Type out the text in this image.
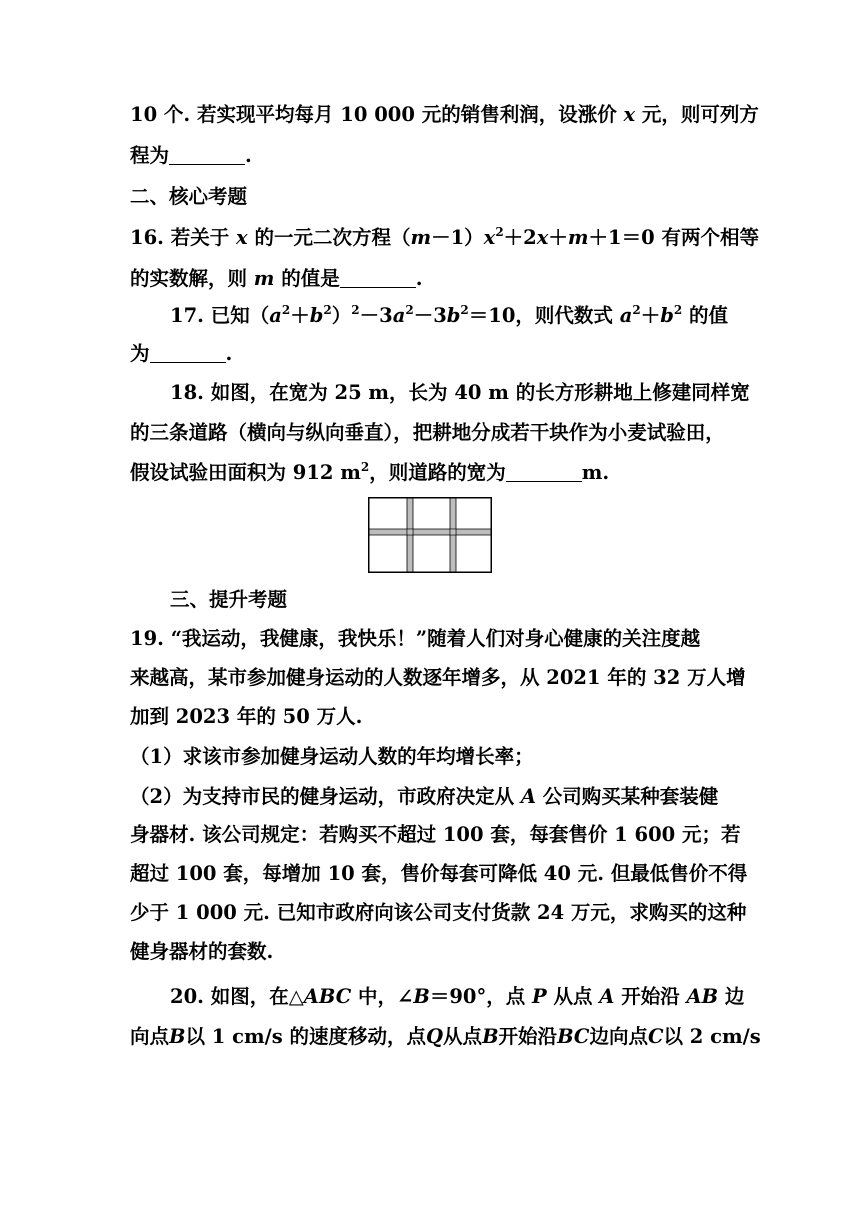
10 个. 若实现平均每月 10 000 元的销售利润，设涨价 x 元，则可列方
程为	.
二、核心考题
16. 若关于 x 的一元二次方程$(m-1)x^2+2x+m+1=0$ 有两个相等
的实数解，则 m 的值是	.
17. 已知$(a^2+b^2)^2-3a^2-3b^2=10$，则代数式 $a^2+b^2$ 的值
为	.
18. 如图，在宽为 25 m，长为 40 m 的长方形耕地上修建同样宽
的三条道路（横向与纵向垂直），把耕地分成若干块作为小麦试验田，
假设试验田面积为 912 $m^2$，则道路的宽为	m.
三、提升考题
19. “我运动，我健康，我快乐！”随着人们对身心健康的关注度越
来越高，某市参加健身运动的人数逐年增多，从 2021 年的 32 万人增
加到 2023 年的 50 万人.
（1）求该市参加健身运动人数的年均增长率；
（2）为支持市民的健身运动，市政府决定从 A 公司购买某种套装健
身器材. 该公司规定：若购买不超过 100 套，每套售价 1 600 元；若
超过 100 套，每增加 10 套，售价每套可降低 40 元. 但最低售价不得
少于 1 000 元. 已知市政府向该公司支付货款 24 万元，求购买的这种
健身器材的套数.
20. 如图，在△ABC 中，∠B＝90°，点 P 从点 A 开始沿 AB 边
向点B以 1 cm/s 的速度移动，点Q从点B开始沿BC边向点C以 2 cm/s
